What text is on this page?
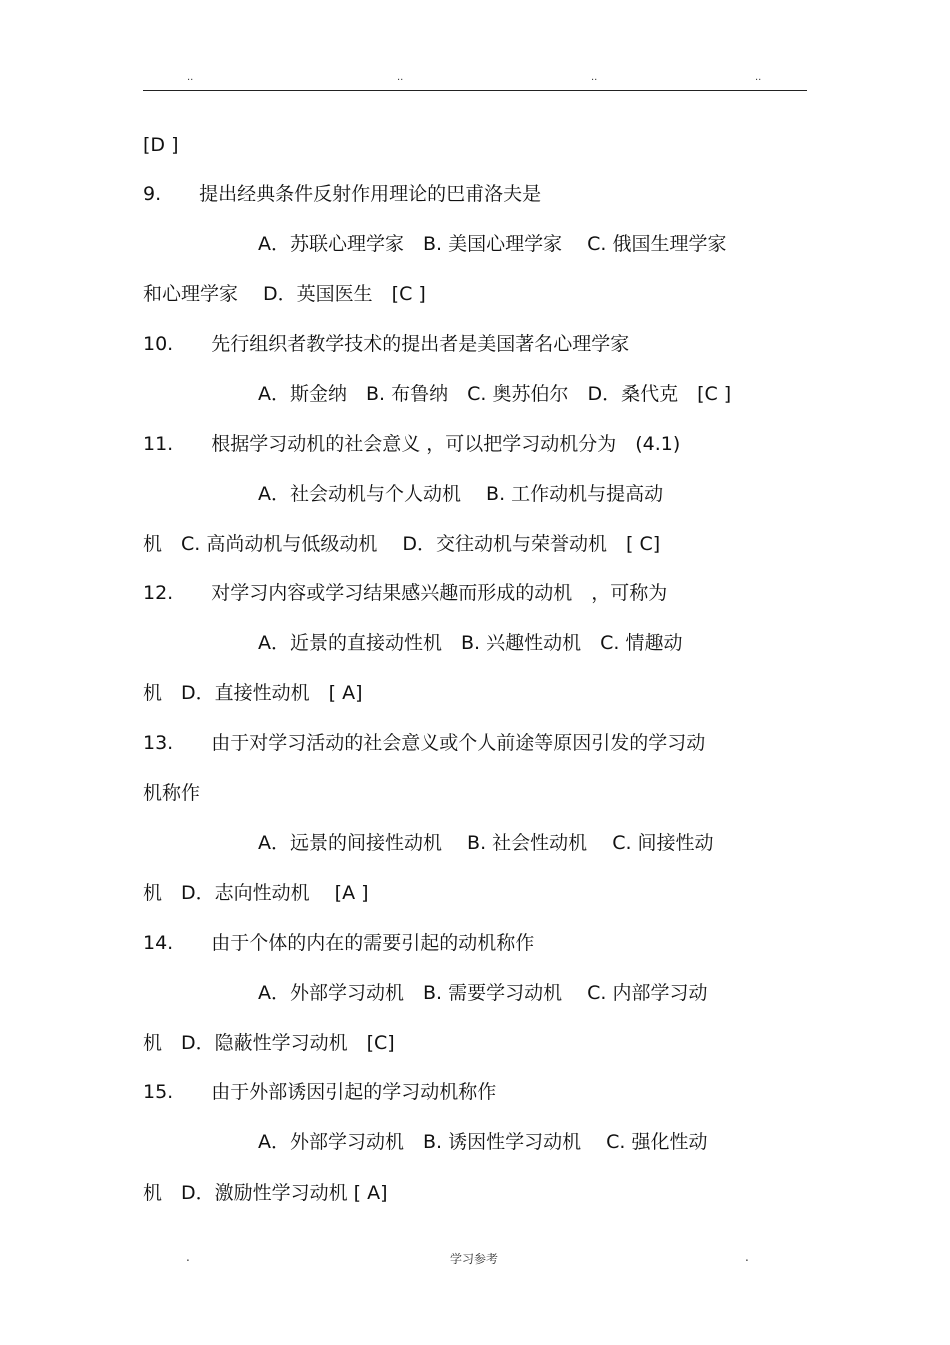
..	..	..	..
[D ]
9.　　提出经典条件反射作用理论的巴甫洛夫是
A．苏联心理学家　B. 美国心理学家　 C. 俄国生理学家
和心理学家　 D．英国医生　[C ]
10.　　先行组织者教学技术的提出者是美国著名心理学家
A．斯金纳　B. 布鲁纳　C. 奥苏伯尔　D．桑代克　[C ]
11.　　根据学习动机的社会意义 ，可以把学习动机分为　(4.1)
A．社会动机与个人动机　 B. 工作动机与提高动
机　C. 高尚动机与低级动机　 D．交往动机与荣誉动机　[ C]
12.　　对学习内容或学习结果感兴趣而形成的动机　，可称为
A．近景的直接动性机　B. 兴趣性动机　C. 情趣动
机　D．直接性动机　[ A]
13.　　由于对学习活动的社会意义或个人前途等原因引发的学习动
机称作
A．远景的间接性动机　 B. 社会性动机　 C. 间接性动
机　D．志向性动机　 [A ]
14.　　由于个体的内在的需要引起的动机称作
A．外部学习动机　B. 需要学习动机　 C. 内部学习动
机　D．隐蔽性学习动机　[C]
15.　　由于外部诱因引起的学习动机称作
A．外部学习动机　B. 诱因性学习动机　 C. 强化性动
机　D．激励性学习动机 [ A]
.	学习参考	.
